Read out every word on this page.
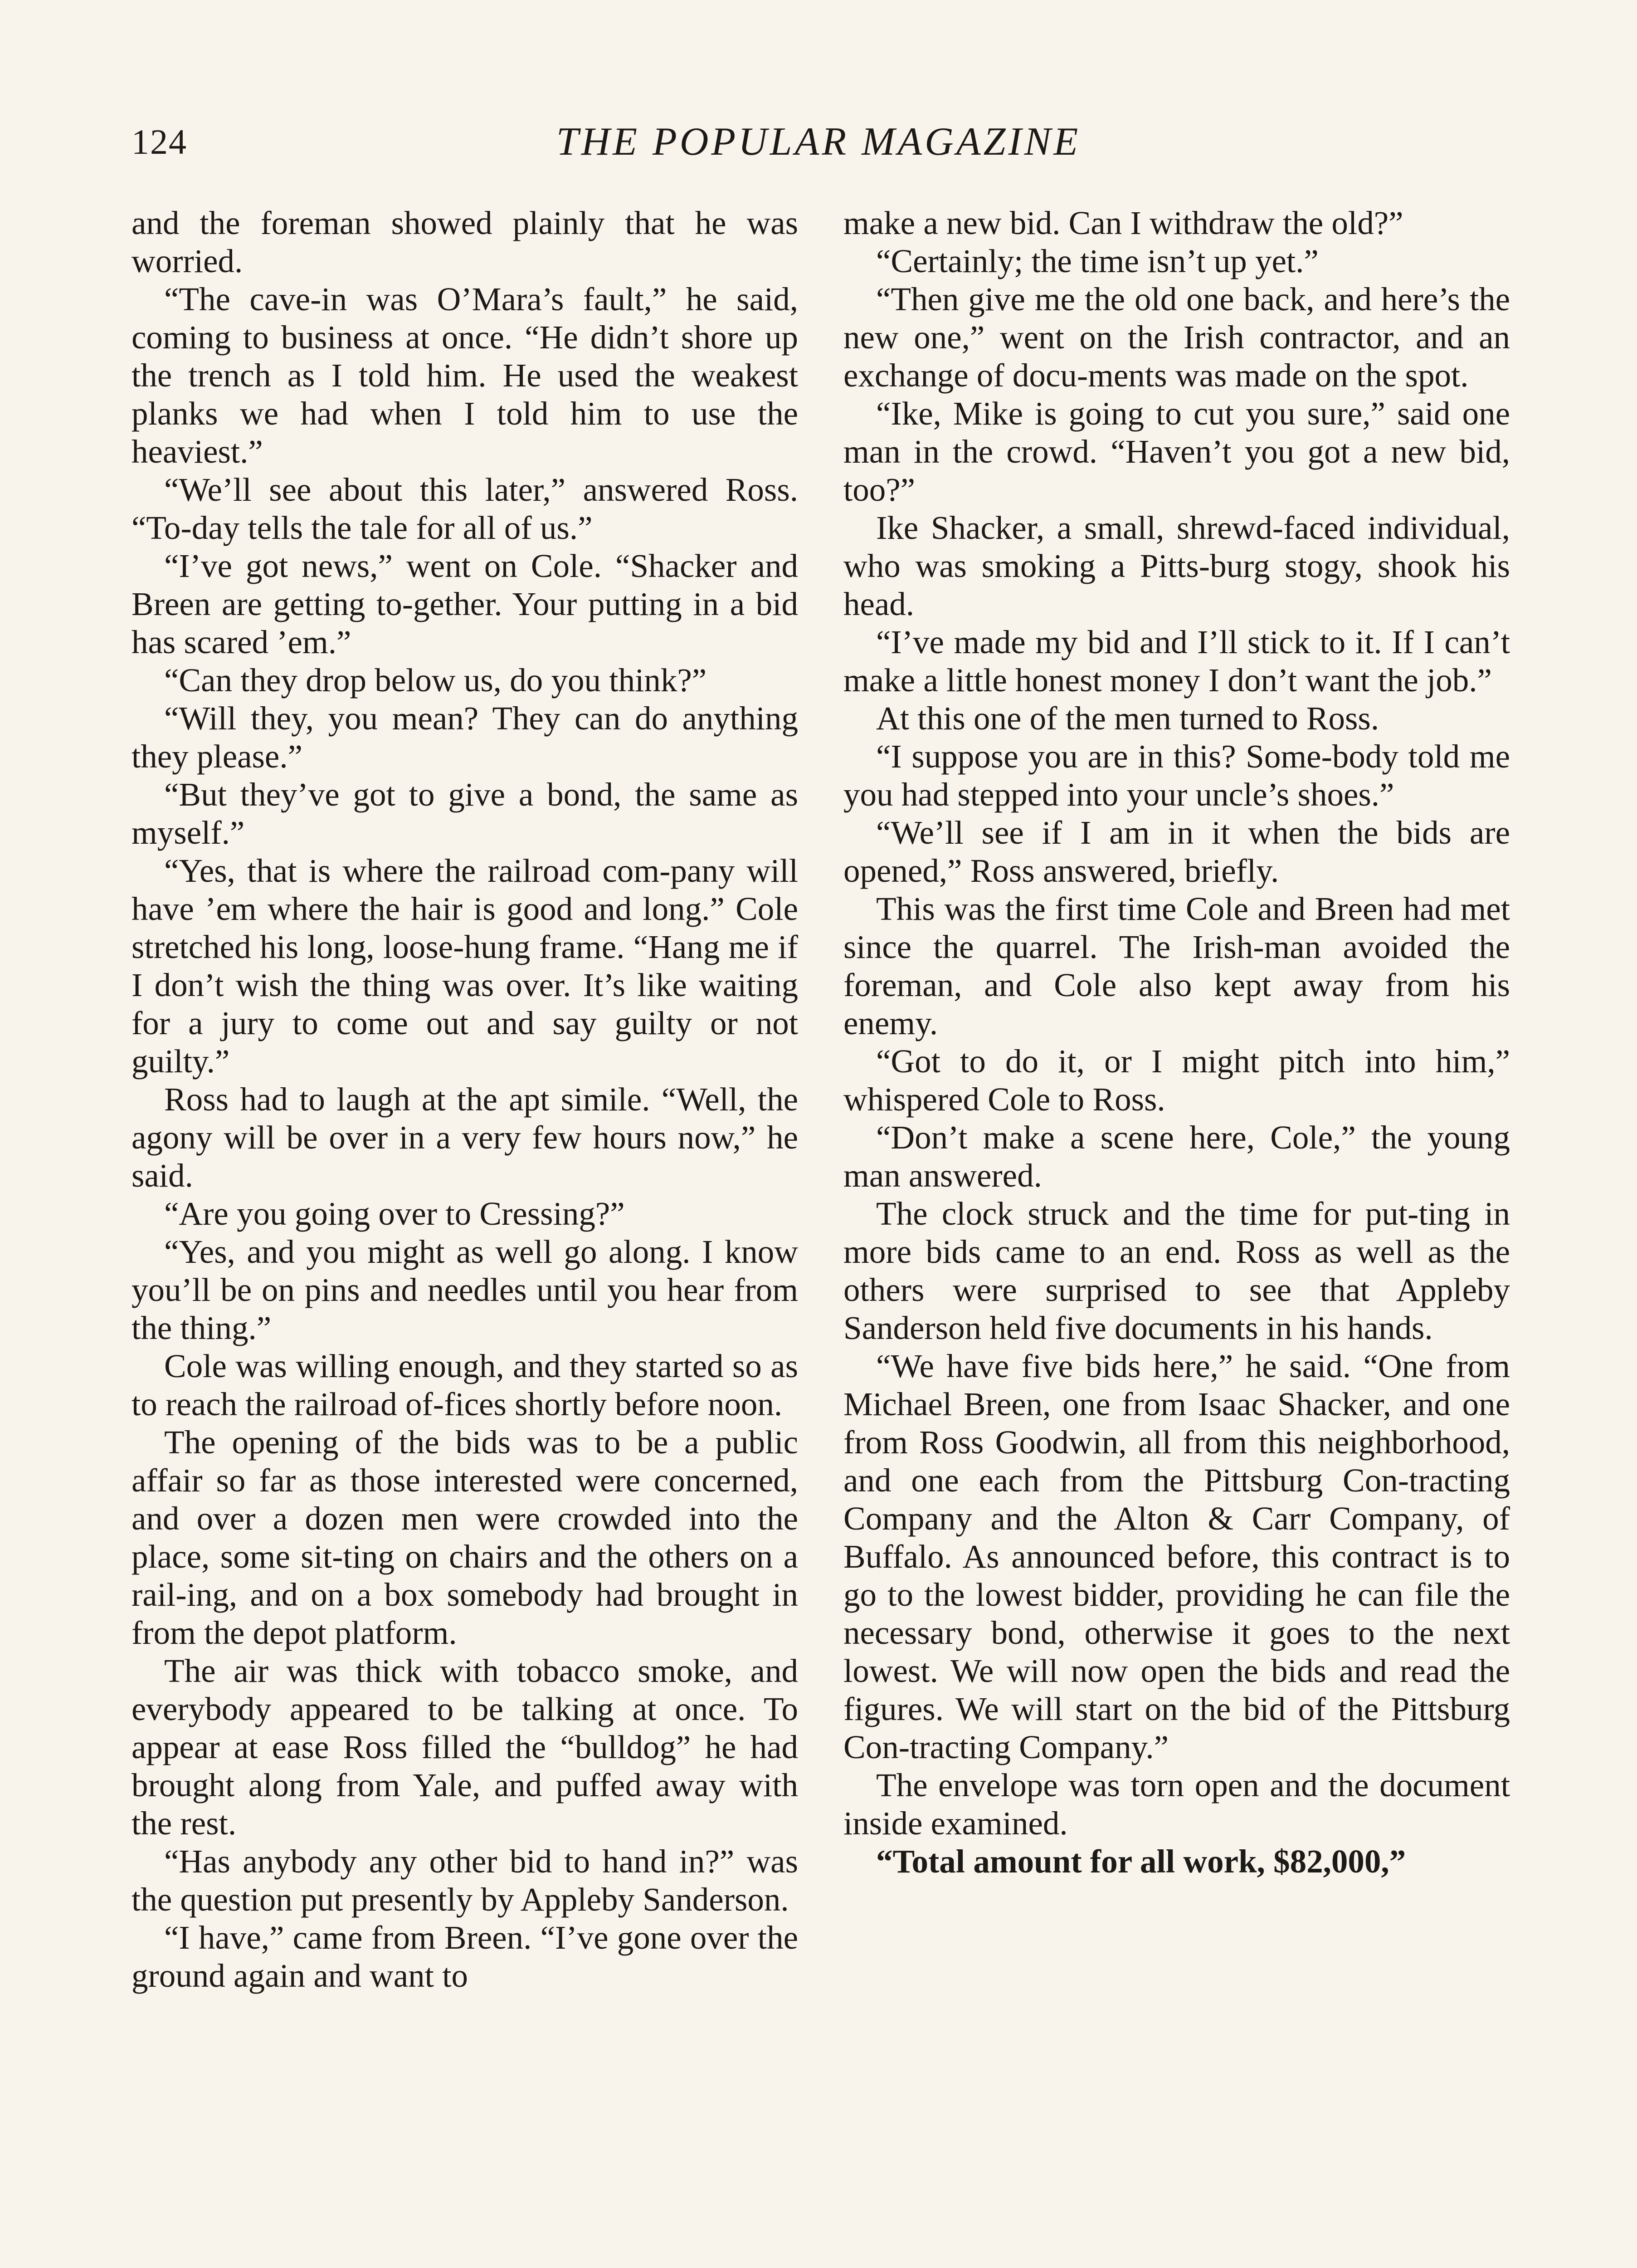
124	THE POPULAR MAGAZINE

and the foreman showed plainly that he was worried.

“The cave-in was O’Mara’s fault,” he said, coming to business at once. “He didn’t shore up the trench as I told him. He used the weakest planks we had when I told him to use the heaviest.”

“We’ll see about this later,” answered Ross. “To-day tells the tale for all of us.”

“I’ve got news,” went on Cole. “Shacker and Breen are getting to-gether. Your putting in a bid has scared ’em.”

“Can they drop below us, do you think?”

“Will they, you mean? They can do anything they please.”

“But they’ve got to give a bond, the same as myself.”

“Yes, that is where the railroad com-pany will have ’em where the hair is good and long.” Cole stretched his long, loose-hung frame. “Hang me if I don’t wish the thing was over. It’s like waiting for a jury to come out and say guilty or not guilty.”

Ross had to laugh at the apt simile. “Well, the agony will be over in a very few hours now,” he said.

“Are you going over to Cressing?”

“Yes, and you might as well go along. I know you’ll be on pins and needles until you hear from the thing.”

Cole was willing enough, and they started so as to reach the railroad of-fices shortly before noon.

The opening of the bids was to be a public affair so far as those interested were concerned, and over a dozen men were crowded into the place, some sit-ting on chairs and the others on a rail-ing, and on a box somebody had brought in from the depot platform.

The air was thick with tobacco smoke, and everybody appeared to be talking at once. To appear at ease Ross filled the “bulldog” he had brought along from Yale, and puffed away with the rest.

“Has anybody any other bid to hand in?” was the question put presently by Appleby Sanderson.

“I have,” came from Breen. “I’ve gone over the ground again and want to

make a new bid. Can I withdraw the old?”

“Certainly; the time isn’t up yet.”

“Then give me the old one back, and here’s the new one,” went on the Irish contractor, and an exchange of docu-ments was made on the spot.

“Ike, Mike is going to cut you sure,” said one man in the crowd. “Haven’t you got a new bid, too?”

Ike Shacker, a small, shrewd-faced individual, who was smoking a Pitts-burg stogy, shook his head.

“I’ve made my bid and I’ll stick to it. If I can’t make a little honest money I don’t want the job.”

At this one of the men turned to Ross.

“I suppose you are in this? Some-body told me you had stepped into your uncle’s shoes.”

“We’ll see if I am in it when the bids are opened,” Ross answered, briefly.

This was the first time Cole and Breen had met since the quarrel. The Irish-man avoided the foreman, and Cole also kept away from his enemy.

“Got to do it, or I might pitch into him,” whispered Cole to Ross.

“Don’t make a scene here, Cole,” the young man answered.

The clock struck and the time for put-ting in more bids came to an end. Ross as well as the others were surprised to see that Appleby Sanderson held five documents in his hands.

“We have five bids here,” he said. “One from Michael Breen, one from Isaac Shacker, and one from Ross Goodwin, all from this neighborhood, and one each from the Pittsburg Con-tracting Company and the Alton & Carr Company, of Buffalo. As announced before, this contract is to go to the lowest bidder, providing he can file the necessary bond, otherwise it goes to the next lowest. We will now open the bids and read the figures. We will start on the bid of the Pittsburg Con-tracting Company.”

The envelope was torn open and the document inside examined.

“Total amount for all work, $82,000,”
